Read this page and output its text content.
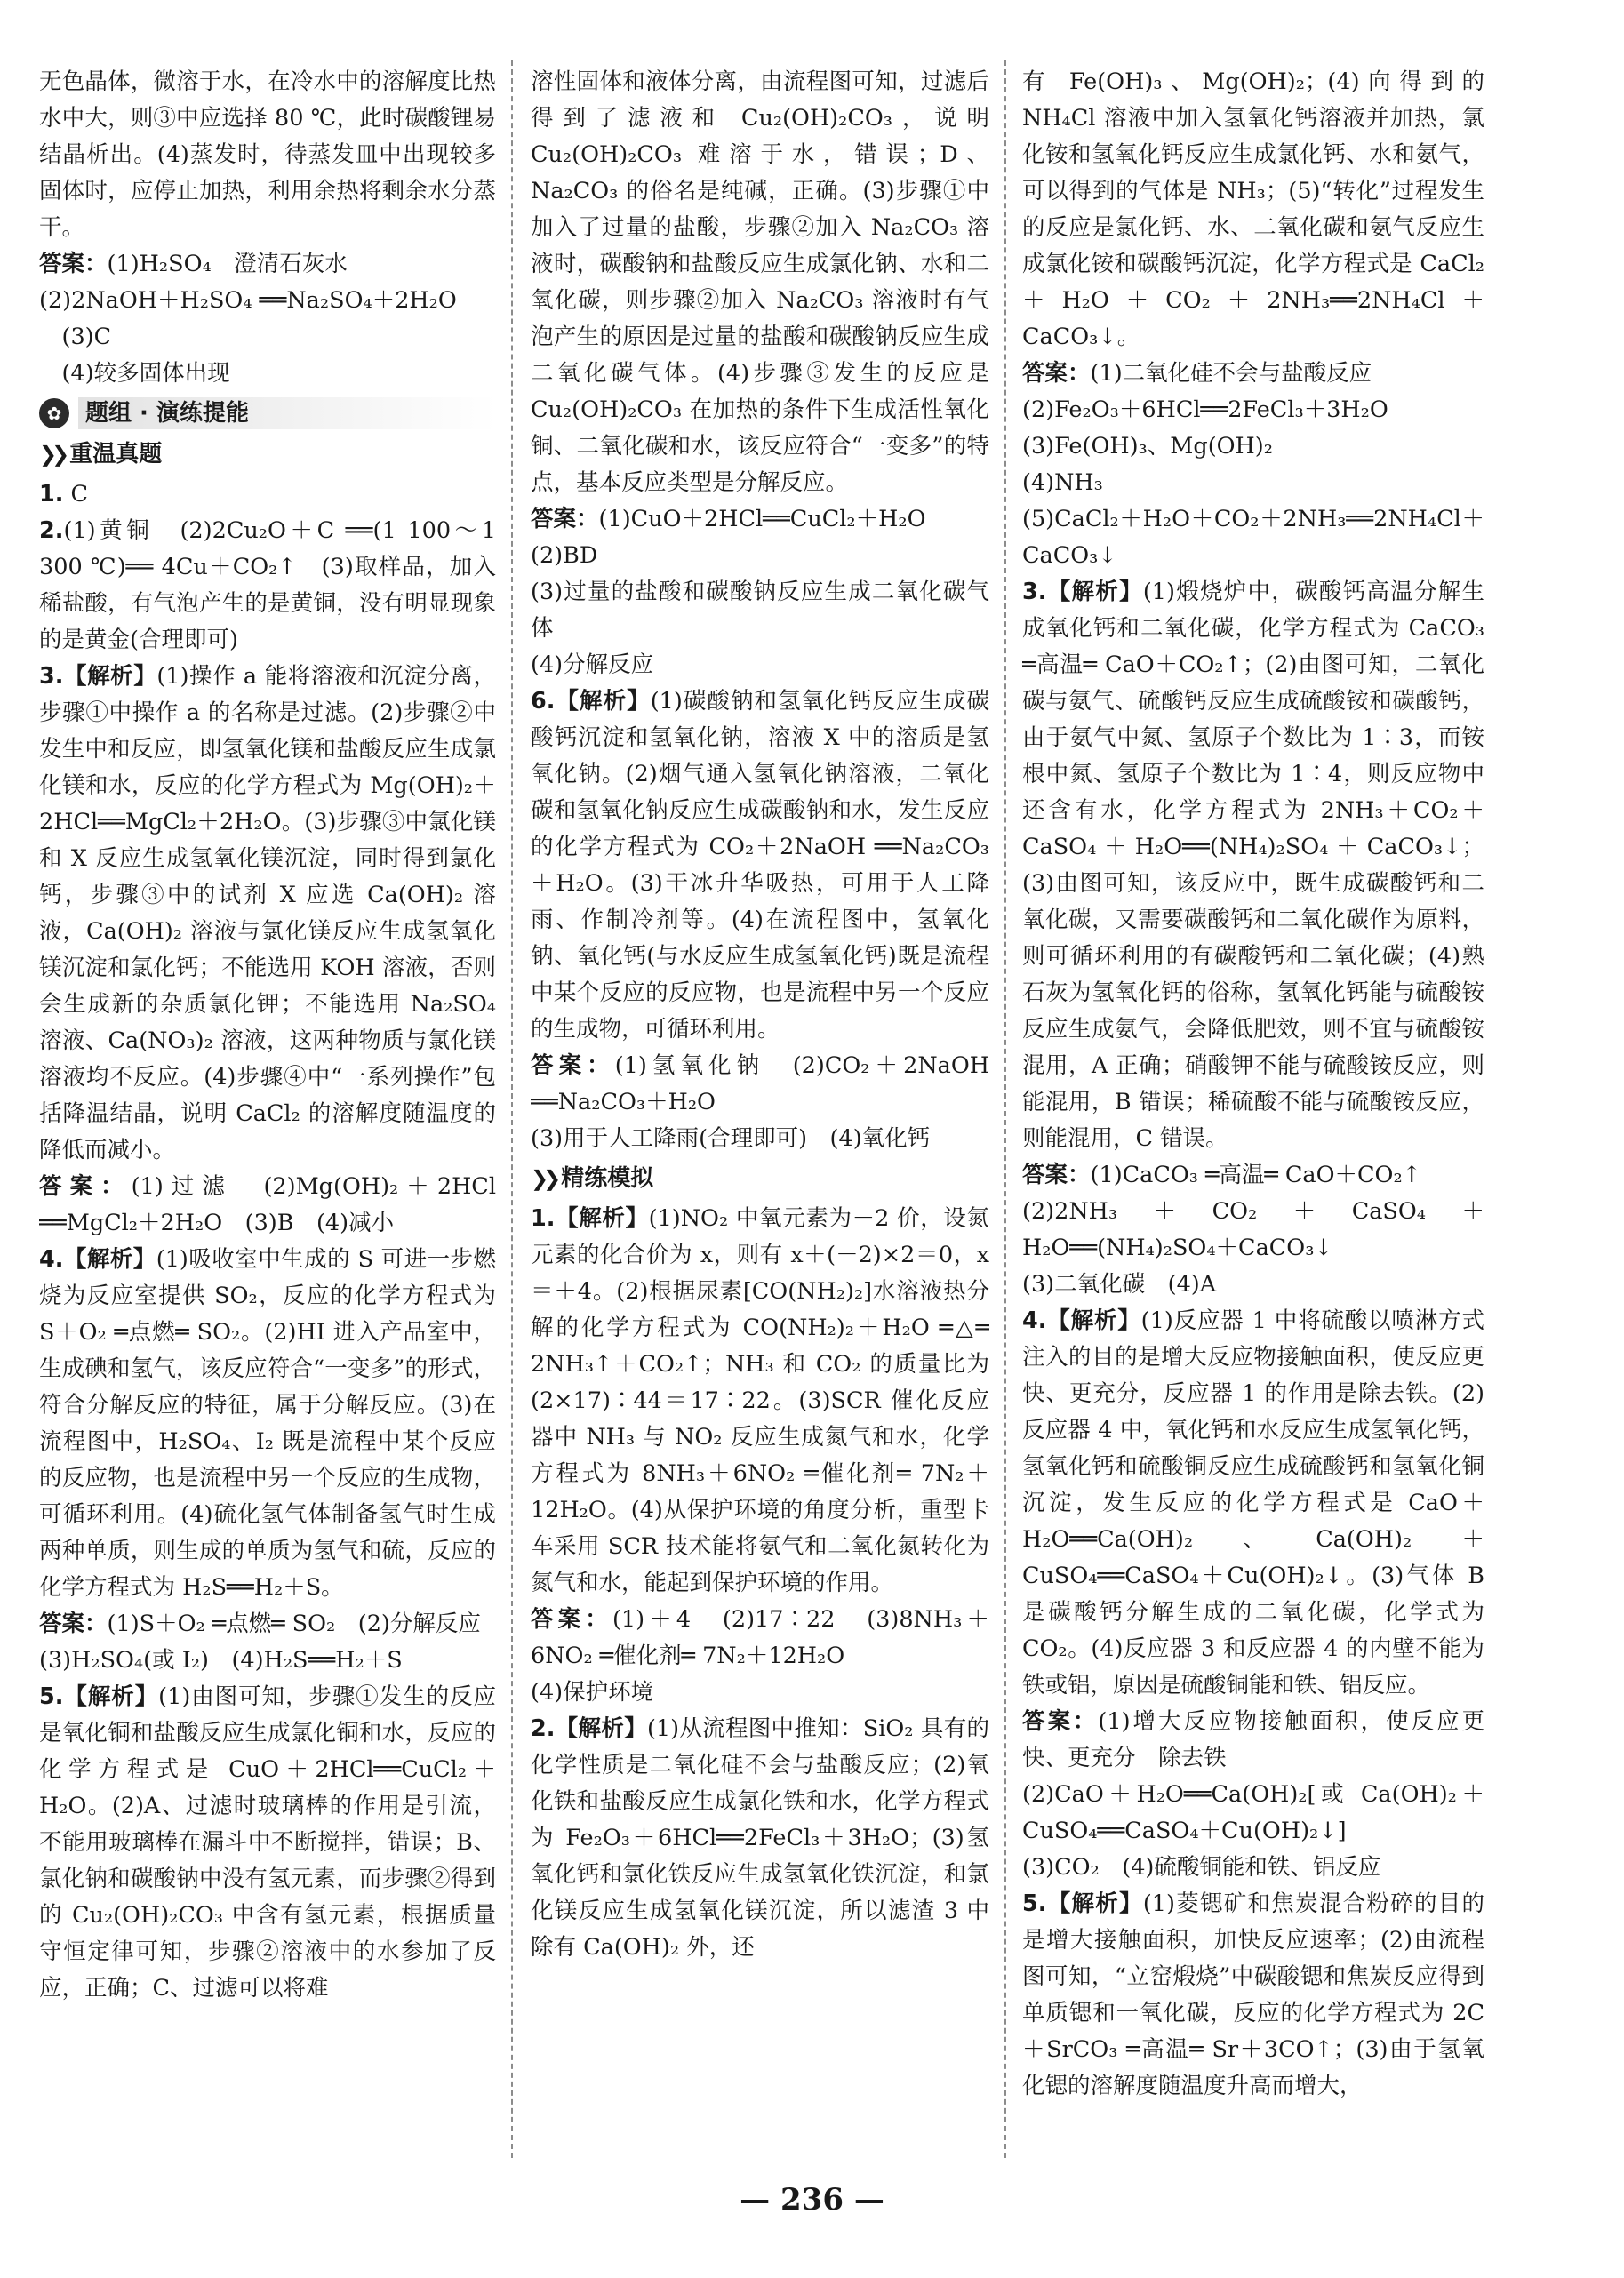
无色晶体，微溶于水，在冷水中的溶解度比热水中大，则③中应选择 80 ℃，此时碳酸锂易结晶析出。(4)蒸发时，待蒸发皿中出现较多固体时，应停止加热，利用余热将剩余水分蒸干。

答案：(1)H₂SO₄　澄清石灰水

(2)2NaOH＋H₂SO₄ ══Na₂SO₄＋2H₂O

　(3)C

　(4)较多固体出现

✿	题组 · 演练提能
❯❯ 重温真题

1. C

2.(1)黄铜　(2)2Cu₂O＋C ══(1 100～1 300 ℃)══ 4Cu＋CO₂↑　(3)取样品，加入稀盐酸，有气泡产生的是黄铜，没有明显现象的是黄金(合理即可)

3.【解析】(1)操作 a 能将溶液和沉淀分离，步骤①中操作 a 的名称是过滤。(2)步骤②中发生中和反应，即氢氧化镁和盐酸反应生成氯化镁和水，反应的化学方程式为 Mg(OH)₂＋2HCl══MgCl₂＋2H₂O。(3)步骤③中氯化镁和 X 反应生成氢氧化镁沉淀，同时得到氯化钙，步骤③中的试剂 X 应选 Ca(OH)₂ 溶液，Ca(OH)₂ 溶液与氯化镁反应生成氢氧化镁沉淀和氯化钙；不能选用 KOH 溶液，否则会生成新的杂质氯化钾；不能选用 Na₂SO₄ 溶液、Ca(NO₃)₂ 溶液，这两种物质与氯化镁溶液均不反应。(4)步骤④中“一系列操作”包括降温结晶，说明 CaCl₂ 的溶解度随温度的降低而减小。

答案：(1)过滤　(2)Mg(OH)₂＋2HCl ══MgCl₂＋2H₂O　(3)B　(4)减小

4.【解析】(1)吸收室中生成的 S 可进一步燃烧为反应室提供 SO₂，反应的化学方程式为 S＋O₂ ═点燃═ SO₂。(2)HI 进入产品室中，生成碘和氢气，该反应符合“一变多”的形式，符合分解反应的特征，属于分解反应。(3)在流程图中，H₂SO₄、I₂ 既是流程中某个反应的反应物，也是流程中另一个反应的生成物，可循环利用。(4)硫化氢气体制备氢气时生成两种单质，则生成的单质为氢气和硫，反应的化学方程式为 H₂S══H₂＋S。

答案：(1)S＋O₂ ═点燃═ SO₂　(2)分解反应

(3)H₂SO₄(或 I₂)　(4)H₂S══H₂＋S

5.【解析】(1)由图可知，步骤①发生的反应是氧化铜和盐酸反应生成氯化铜和水，反应的化学方程式是 CuO＋2HCl══CuCl₂＋H₂O。(2)A、过滤时玻璃棒的作用是引流，不能用玻璃棒在漏斗中不断搅拌，错误；B、氯化钠和碳酸钠中没有氢元素，而步骤②得到的 Cu₂(OH)₂CO₃ 中含有氢元素，根据质量守恒定律可知，步骤②溶液中的水参加了反应，正确；C、过滤可以将难

溶性固体和液体分离，由流程图可知，过滤后得到了滤液和 Cu₂(OH)₂CO₃，说明 Cu₂(OH)₂CO₃ 难溶于水，错误；D、Na₂CO₃ 的俗名是纯碱，正确。(3)步骤①中加入了过量的盐酸，步骤②加入 Na₂CO₃ 溶液时，碳酸钠和盐酸反应生成氯化钠、水和二氧化碳，则步骤②加入 Na₂CO₃ 溶液时有气泡产生的原因是过量的盐酸和碳酸钠反应生成二氧化碳气体。(4)步骤③发生的反应是 Cu₂(OH)₂CO₃ 在加热的条件下生成活性氧化铜、二氧化碳和水，该反应符合“一变多”的特点，基本反应类型是分解反应。

答案：(1)CuO＋2HCl══CuCl₂＋H₂O

(2)BD

(3)过量的盐酸和碳酸钠反应生成二氧化碳气体

(4)分解反应

6.【解析】(1)碳酸钠和氢氧化钙反应生成碳酸钙沉淀和氢氧化钠，溶液 X 中的溶质是氢氧化钠。(2)烟气通入氢氧化钠溶液，二氧化碳和氢氧化钠反应生成碳酸钠和水，发生反应的化学方程式为 CO₂＋2NaOH ══Na₂CO₃＋H₂O。(3)干冰升华吸热，可用于人工降雨、作制冷剂等。(4)在流程图中，氢氧化钠、氧化钙(与水反应生成氢氧化钙)既是流程中某个反应的反应物，也是流程中另一个反应的生成物，可循环利用。

答案：(1)氢氧化钠　(2)CO₂＋2NaOH ══Na₂CO₃＋H₂O

(3)用于人工降雨(合理即可)　(4)氧化钙

❯❯ 精练模拟

1.【解析】(1)NO₂ 中氧元素为－2 价，设氮元素的化合价为 x，则有 x＋(－2)×2＝0，x＝＋4。(2)根据尿素[CO(NH₂)₂]水溶液热分解的化学方程式为 CO(NH₂)₂＋H₂O ═△═ 2NH₃↑＋CO₂↑；NH₃ 和 CO₂ 的质量比为(2×17)∶44＝17∶22。(3)SCR 催化反应器中 NH₃ 与 NO₂ 反应生成氮气和水，化学方程式为 8NH₃＋6NO₂ ═催化剂═ 7N₂＋12H₂O。(4)从保护环境的角度分析，重型卡车采用 SCR 技术能将氨气和二氧化氮转化为氮气和水，能起到保护环境的作用。

答案：(1)＋4　(2)17∶22　(3)8NH₃＋6NO₂ ═催化剂═ 7N₂＋12H₂O

(4)保护环境

2.【解析】(1)从流程图中推知：SiO₂ 具有的化学性质是二氧化硅不会与盐酸反应；(2)氧化铁和盐酸反应生成氯化铁和水，化学方程式为 Fe₂O₃＋6HCl══2FeCl₃＋3H₂O；(3)氢氧化钙和氯化铁反应生成氢氧化铁沉淀，和氯化镁反应生成氢氧化镁沉淀，所以滤渣 3 中除有 Ca(OH)₂ 外，还

有 Fe(OH)₃、Mg(OH)₂；(4)向得到的 NH₄Cl 溶液中加入氢氧化钙溶液并加热，氯化铵和氢氧化钙反应生成氯化钙、水和氨气，可以得到的气体是 NH₃；(5)“转化”过程发生的反应是氯化钙、水、二氧化碳和氨气反应生成氯化铵和碳酸钙沉淀，化学方程式是 CaCl₂＋H₂O＋CO₂＋2NH₃══2NH₄Cl＋CaCO₃↓。

答案：(1)二氧化硅不会与盐酸反应

(2)Fe₂O₃＋6HCl══2FeCl₃＋3H₂O

(3)Fe(OH)₃、Mg(OH)₂

(4)NH₃

(5)CaCl₂＋H₂O＋CO₂＋2NH₃══2NH₄Cl＋CaCO₃↓

3.【解析】(1)煅烧炉中，碳酸钙高温分解生成氧化钙和二氧化碳，化学方程式为 CaCO₃ ═高温═ CaO＋CO₂↑；(2)由图可知，二氧化碳与氨气、硫酸钙反应生成硫酸铵和碳酸钙，由于氨气中氮、氢原子个数比为 1∶3，而铵根中氮、氢原子个数比为 1∶4，则反应物中还含有水，化学方程式为 2NH₃＋CO₂＋CaSO₄＋H₂O══(NH₄)₂SO₄＋CaCO₃↓；(3)由图可知，该反应中，既生成碳酸钙和二氧化碳，又需要碳酸钙和二氧化碳作为原料，则可循环利用的有碳酸钙和二氧化碳；(4)熟石灰为氢氧化钙的俗称，氢氧化钙能与硫酸铵反应生成氨气，会降低肥效，则不宜与硫酸铵混用，A 正确；硝酸钾不能与硫酸铵反应，则能混用，B 错误；稀硫酸不能与硫酸铵反应，则能混用，C 错误。

答案：(1)CaCO₃ ═高温═ CaO＋CO₂↑

(2)2NH₃＋CO₂＋CaSO₄＋H₂O══(NH₄)₂SO₄＋CaCO₃↓

(3)二氧化碳　(4)A

4.【解析】(1)反应器 1 中将硫酸以喷淋方式注入的目的是增大反应物接触面积，使反应更快、更充分，反应器 1 的作用是除去铁。(2)反应器 4 中，氧化钙和水反应生成氢氧化钙，氢氧化钙和硫酸铜反应生成硫酸钙和氢氧化铜沉淀，发生反应的化学方程式是 CaO＋H₂O══Ca(OH)₂、Ca(OH)₂＋CuSO₄══CaSO₄＋Cu(OH)₂↓。(3)气体 B 是碳酸钙分解生成的二氧化碳，化学式为 CO₂。(4)反应器 3 和反应器 4 的内壁不能为铁或铝，原因是硫酸铜能和铁、铝反应。

答案：(1)增大反应物接触面积，使反应更快、更充分　除去铁

(2)CaO＋H₂O══Ca(OH)₂[或 Ca(OH)₂＋CuSO₄══CaSO₄＋Cu(OH)₂↓]

(3)CO₂　(4)硫酸铜能和铁、铝反应

5.【解析】(1)菱锶矿和焦炭混合粉碎的目的是增大接触面积，加快反应速率；(2)由流程图可知，“立窑煅烧”中碳酸锶和焦炭反应得到单质锶和一氧化碳，反应的化学方程式为 2C＋SrCO₃ ═高温═ Sr＋3CO↑；(3)由于氢氧化锶的溶解度随温度升高而增大，

— 236 —
